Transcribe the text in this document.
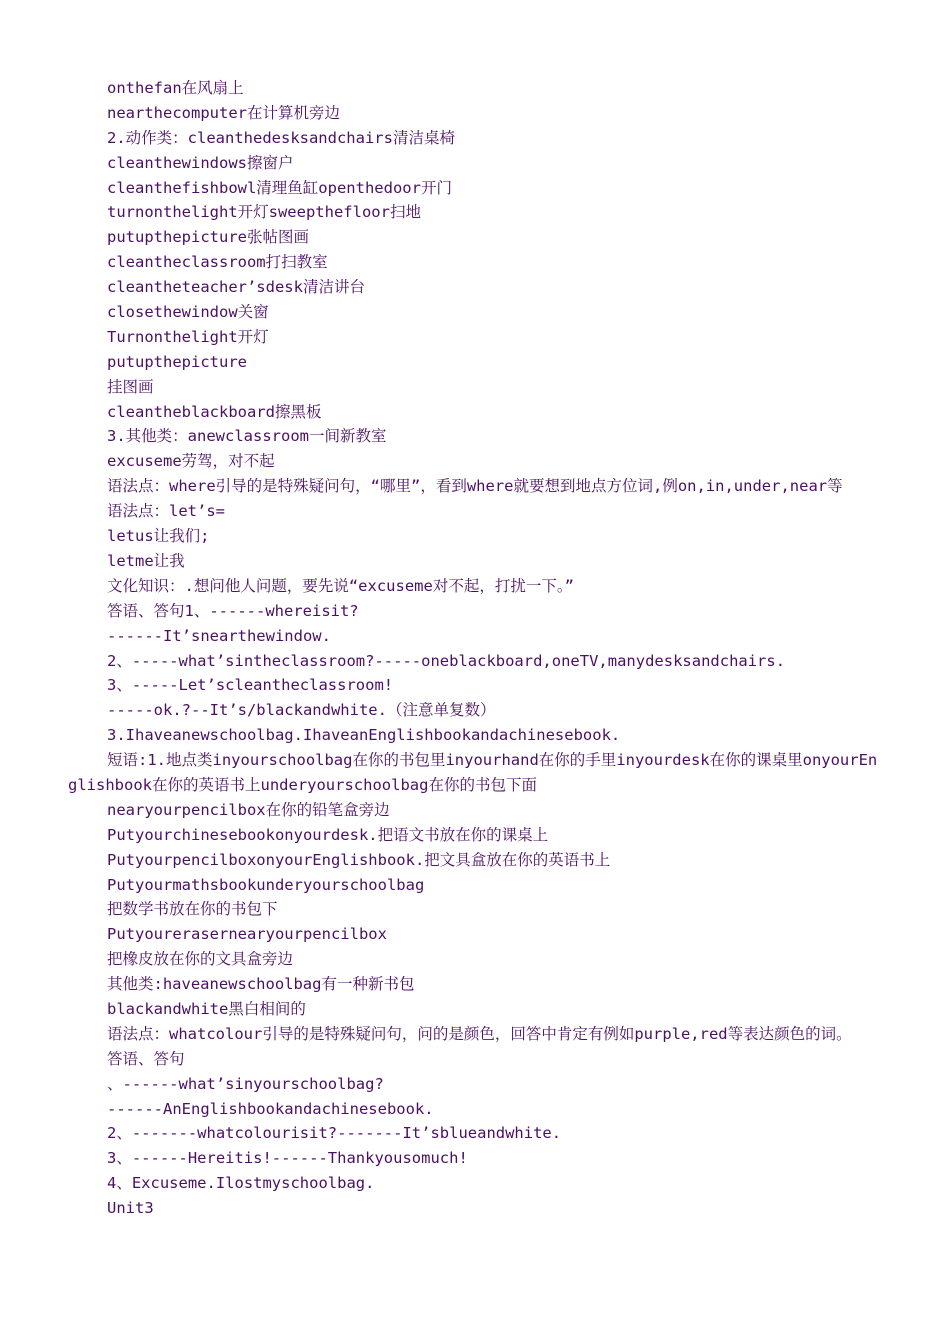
onthefan在风扇上
nearthecomputer在计算机旁边
2.动作类：cleanthedesksandchairs清洁桌椅
cleanthewindows擦窗户
cleanthefishbowl清理鱼缸openthedoor开门
turnonthelight开灯sweepthefloor扫地
putupthepicture张帖图画
cleantheclassroom打扫教室
cleantheteacher’sdesk清洁讲台
closethewindow关窗
Turnonthelight开灯
putupthepicture
挂图画
cleantheblackboard擦黑板
3.其他类：anewclassroom一间新教室
excuseme劳驾，对不起
语法点：where引导的是特殊疑问句，“哪里”，看到where就要想到地点方位词,例on,in,under,near等
语法点：let’s=
letus让我们;
letme让我
文化知识：.想问他人问题，要先说“excuseme对不起，打扰一下。”
答语、答句1、------whereisit?
------It’snearthewindow.
2、-----what’sintheclassroom?-----oneblackboard,oneTV,manydesksandchairs.
3、-----Let’scleantheclassroom!
-----ok.?--It’s/blackandwhite.（注意单复数）
3.Ihaveanewschoolbag.IhaveanEnglishbookandachinesebook.
短语:1.地点类inyourschoolbag在你的书包里inyourhand在你的手里inyourdesk在你的课桌里onyourEnglishbook在你的英语书上underyourschoolbag在你的书包下面
nearyourpencilbox在你的铅笔盒旁边
Putyourchinesebookonyourdesk.把语文书放在你的课桌上
PutyourpencilboxonyourEnglishbook.把文具盒放在你的英语书上
Putyourmathsbookunderyourschoolbag
把数学书放在你的书包下
Putyourerasernearyourpencilbox
把橡皮放在你的文具盒旁边
其他类:haveanewschoolbag有一种新书包
blackandwhite黑白相间的
语法点：whatcolour引导的是特殊疑问句，问的是颜色，回答中肯定有例如purple,red等表达颜色的词。
答语、答句
、------what’sinyourschoolbag?
------AnEnglishbookandachinesebook.
2、-------whatcolourisit?-------It’sblueandwhite.
3、------Hereitis!------Thankyousomuch!
4、Excuseme.Ilostmyschoolbag.
Unit3
